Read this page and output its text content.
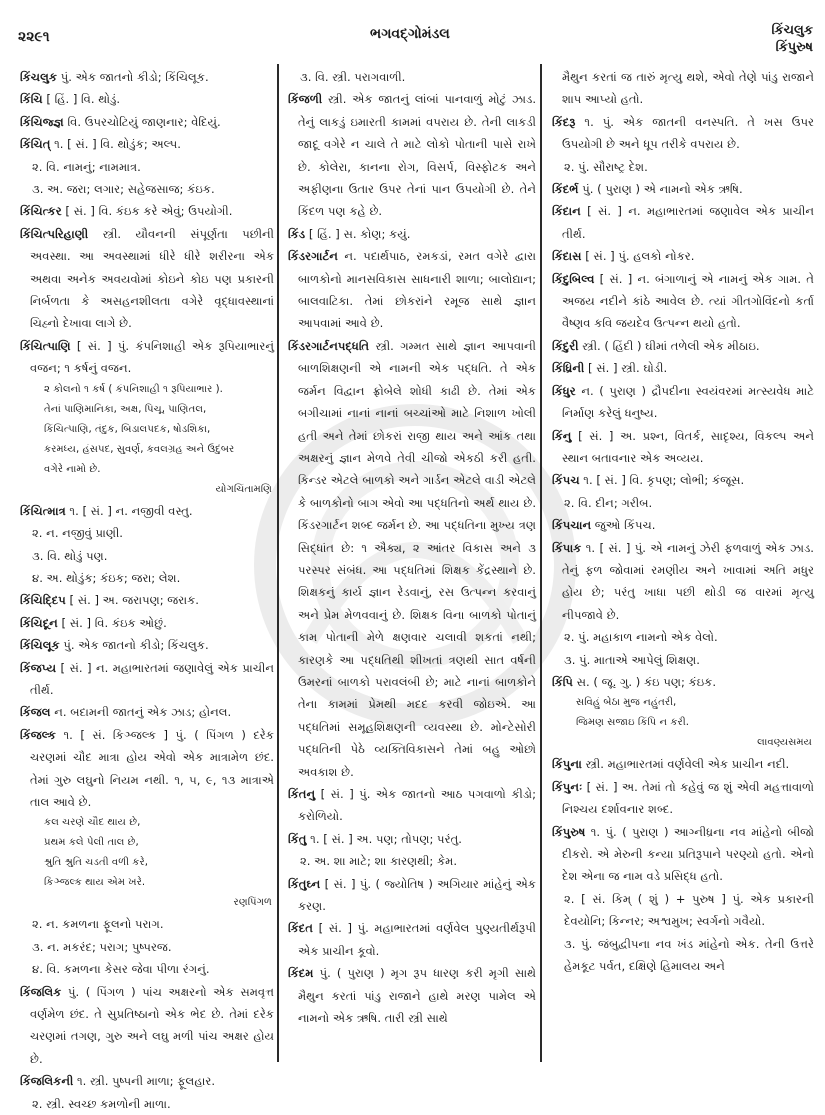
૨૨૯૧	ભગવદ્ગોમંડલ	કિંચલુક
કિંપુરુષ

કિંચલુક પું. એક જાતનો કીડો; કિંચિલૂક.

કિંચિ [ હિં. ] વિ. થોડું.

કિંચિજ્જ્ઞ વિ. ઉપરચોટિયું જાણનાર; વેદિયું.

કિંચિત્ ૧. [ સં. ] વિ. થોડુંક; અલ્પ.

૨. વિ. નામનું; નામમાત્ર.

૩. અ. જરા; લગાર; સહેજસાજ; કંઇક.

કિંચિત્કર [ સં. ] વિ. કંઇક કરે એવું; ઉપયોગી.

કિંચિત્પરિહાણી સ્ત્રી. યૌવનની સંપૂર્ણતા પછીની અવસ્થા. આ અવસ્થામાં ધીરે ધીરે શરીરના એક અથવા અનેક અવયવોમાં કોઇને કોઇ પણ પ્રકારની નિર્બળતા કે અસહનશીલતા વગેરે વૃદ્ધાવસ્થાનાં ચિહ્નો દેખાવા લાગે છે.

કિંચિત્પાણિ [ સં. ] પું. કંપનિશાહી એક રૂપિયાભારનું વજન; ૧ કર્ષનું વજન.

૨ કોલનો ૧ કર્ષ ( કંપનિશાહી ૧ રૂપિયાભાર ).
તેનાં પાણિમાનિકા, અક્ષ, પિચૂ, પાણિતલ,
કિંચિત્પાણિ, તંદુક, બિડાલપદક, ષોડશિકા,
કરમધ્ય, હંસપદ, સુવર્ણ, કવલગ્રહ અને ઉદુંબર
વગેરે નામો છે.
યોગચિંતામણિ

કિંચિત્માત્ર ૧. [ સં. ] ન. નજીવી વસ્તુ.

૨. ન. નજીવું પ્રાણી.

૩. વિ. થોડું પણ.

૪. અ. થોડુંક; કંઇક; જરા; લેશ.

કિંચિદ્દિપ [ સં. ] અ. જરાપણ; જરાક.

કિંચિદૂન [ સં. ] વિ. કંઇક ઓછું.

કિંચિલૂક પું. એક જાતનો કીડો; કિંચલુક.

કિંજપ્ય [ સં. ] ન. મહાભારતમાં જણાવેલું એક પ્રાચીન તીર્થ.

કિંજલ ન. બદામની જાતનું એક ઝાડ; હોનલ.

કિંજલ્ક ૧. [ સં. કિઞ્જલ્ક ] પું. ( પિંગળ ) દરેક ચરણમાં ચૌદ માત્રા હોય એવો એક માત્રામેળ છંદ. તેમાં ગુરુ લઘુનો નિયમ નથી. ૧, ૫, ૯, ૧૩ માત્રાએ તાલ આવે છે.

કલ ચરણે ચૌદ થાય છે,
પ્રથમ કલે પેલી તાલ છે,
શ્રુતિ શ્રુતિ ચડતી વળી કરે,
કિઞ્જલ્ક થાય એમ ખરે.
રણપિંગળ

૨. ન. કમળના ફૂલનો પરાગ.

૩. ન. મકરંદ; પરાગ; પુષ્પરજ.

૪. વિ. કમળના કેસર જેવા પીળા રંગનું.

કિંજલિક પું. ( પિંગળ ) પાંચ અક્ષરનો એક સમવૃત્ત વર્ણમેળ છંદ. તે સુપ્રતિષ્ઠાનો એક ભેદ છે. તેમાં દરેક ચરણમાં તગણ, ગુરુ અને લઘુ મળી પાંચ અક્ષર હોય છે.

કિંજલિકની ૧. સ્ત્રી. પુષ્પની માળા; ફૂલહાર.

૨. સ્ત્રી. સ્વચ્છ કમળોની માળા.

૩. વિ. સ્ત્રી. પરાગવાળી.

કિંજળી સ્ત્રી. એક જાતનું લાંબાં પાનવાળું મોટું ઝાડ. તેનું લાકડું ઇમારતી કામમાં વપરાય છે. તેની લાકડી જાદૂ વગેરે ન ચાલે તે માટે લોકો પોતાની પાસે રાખે છે. કોલેરા, કાનના રોગ, વિસર્પ, વિસ્ફોટક અને અફીણના ઉતાર ઉપર તેનાં પાન ઉપયોગી છે. તેને કિંદળ પણ કહે છે.

કિંડ [ હિં. ] સ. કોણ; કયું.

કિંડરગાર્ટન ન. પદાર્થપાઠ, રમકડાં, રમત વગેરે દ્વારા બાળકોનો માનસવિકાસ સાધનારી શાળા; બાલોદ્યાન; બાલવાટિકા. તેમાં છોકરાંને રમૂજ સાથે જ્ઞાન આપવામાં આવે છે.

કિંડરગાર્ટનપદ્ધતિ સ્ત્રી. ગમ્મત સાથે જ્ઞાન આપવાની બાળશિક્ષણની એ નામની એક પદ્ધતિ. તે એક જર્મન વિદ્વાન ફ્રોબેલે શોધી કાઢી છે. તેમાં એક બગીચામાં નાનાં નાનાં બચ્ચાંઓ માટે નિશાળ ખોલી હતી અને તેમાં છોકરાં રાજી થાય અને આંક તથા અક્ષરનું જ્ઞાન મેળવે તેવી ચીજો એકઠી કરી હતી. કિન્ડર એટલે બાળકો અને ગાર્ડન એટલે વાડી એટલે કે બાળકોનો બાગ એવો આ પદ્ધતિનો અર્થ થાય છે. કિંડરગાર્ટન શબ્દ જર્મન છે. આ પદ્ધતિના મુખ્ય ત્રણ સિદ્ધાંત છે: ૧ ઐક્ય, ૨ આંતર વિકાસ અને ૩ પરસ્પર સંબંધ. આ પદ્ધતિમાં શિક્ષક કેંદ્રસ્થાને છે. શિક્ષકનું કાર્ય જ્ઞાન રેડવાનું, રસ ઉત્પન્ન કરવાનું અને પ્રેમ મેળવવાનું છે. શિક્ષક વિના બાળકો પોતાનું કામ પોતાની મેળે ક્ષણવાર ચલાવી શકતાં નથી; કારણકે આ પદ્ધતિથી શીખતાં ત્રણથી સાત વર્ષની ઉમરનાં બાળકો પરાવલંબી છે; માટે નાનાં બાળકોને તેના કામમાં પ્રેમથી મદદ કરવી જોઇએ. આ પદ્ધતિમાં સમૂહશિક્ષણની વ્યવસ્થા છે. મોન્ટેસોરી પદ્ધતિની પેઠે વ્યક્તિવિકાસને તેમાં બહુ ઓછો અવકાશ છે.

કિંતનુ [ સં. ] પું. એક જાતનો આઠ પગવાળો કીડો; કરોળિયો.

કિંતુ ૧. [ સં. ] અ. પણ; તોપણ; પરંતુ.

૨. અ. શા માટે; શા કારણથી; કેમ.

કિંતુઘ્ન [ સં. ] પું. ( જ્યોતિષ ) અગિયાર માંહેનું એક કરણ.

કિંદત [ સં. ] પું. મહાભારતમાં વર્ણવેલ પુણ્યતીર્થરૂપી એક પ્રાચીન કૂવો.

કિંદમ પું. ( પુરાણ ) મૃગ રૂપ ધારણ કરી મૃગી સાથે મૈથુન કરતાં પાંડુ રાજાને હાથે મરણ પામેલ એ નામનો એક ઋષિ. તારી સ્ત્રી સાથે

મૈથુન કરતાં જ તારું મૃત્યુ થશે, એવો તેણે પાંડુ રાજાને શાપ આપ્યો હતો.

કિંદરૂ ૧. પું. એક જાતની વનસ્પતિ. તે ખસ ઉપર ઉપયોગી છે અને ધૂપ તરીકે વપરાય છે.

૨. પું. સૌરાષ્ટ્ર દેશ.

કિંદર્ભ પું. ( પુરાણ ) એ નામનો એક ઋષિ.

કિંદાન [ સં. ] ન. મહાભારતમાં જણાવેલ એક પ્રાચીન તીર્થ.

કિંદાસ [ સં. ] પું. હલકો નોકર.

કિંદુબિલ્વ [ સં. ] ન. બંગાળાનું એ નામનું એક ગામ. તે અજય નદીને કાંઠે આવેલ છે. ત્યાં ગીતગોવિંદનો કર્તા વૈષ્ણવ કવિ જયદેવ ઉત્પન્ન થયો હતો.

કિંદુરી સ્ત્રી. ( હિંદી ) ઘીમાં તળેલી એક મીઠાઇ.

કિંધ્રિની [ સં. ] સ્ત્રી. ઘોડી.

કિંધુર ન. ( પુરાણ ) દ્રૌપદીના સ્વયંવરમાં મત્સ્યવેધ માટે નિર્માણ કરેલું ધનુષ્ય.

કિંનુ [ સં. ] અ. પ્રશ્ન, વિતર્ક, સાદૃશ્ય, વિકલ્પ અને સ્થાન બતાવનાર એક અવ્યય.

કિંપચ ૧. [ સં. ] વિ. કૃપણ; લોભી; કંજૂસ.

૨. વિ. દીન; ગરીબ.

કિંપચાન જુઓ કિંપચ.

કિંપાક ૧. [ સં. ] પું. એ નામનું ઝેરી ફળવાળું એક ઝાડ. તેનું ફળ જોવામાં રમણીય અને ખાવામાં અતિ મધુર હોય છે; પરંતુ ખાધા પછી થોડી જ વારમાં મૃત્યુ નીપજાવે છે.

૨. પું. મહાકાળ નામનો એક વેલો.

૩. પું. માતાએ આપેલું શિક્ષણ.

કિંપિ સ. ( જૂ. ગુ. ) કંઇ પણ; કંઇક.

સવિહું બેઠા મુજ નહુંતરી,
જિમણ સજાઇ કિંપિ ન કરી.
લાવણ્યસમય

કિંપુના સ્ત્રી. મહાભારતમાં વર્ણવેલી એક પ્રાચીન નદી.

કિંપુનઃ [ સં. ] અ. તેમાં તો કહેવું જ શું એવી મહત્તાવાળો નિશ્ચય દર્શાવનાર શબ્દ.

કિંપુરુષ ૧. પું. ( પુરાણ ) આગ્નીધ્રના નવ માંહેનો બીજો દીકરો. એ મેરુની કન્યા પ્રતિરૂપાને પરણ્યો હતો. એનો દેશ એના જ નામ વડે પ્રસિદ્ધ હતો.

૨. [ સં. કિમ્ ( શું ) + પુરુષ ] પું. એક પ્રકારની દેવયોનિ; કિન્નર; અશ્વમુખ; સ્વર્ગનો ગવૈયો.

૩. પું. જંબુદ્વીપના નવ ખંડ માંહેનો એક. તેની ઉત્તરે હેમકૂટ પર્વત, દક્ષિણે હિમાલય અને
